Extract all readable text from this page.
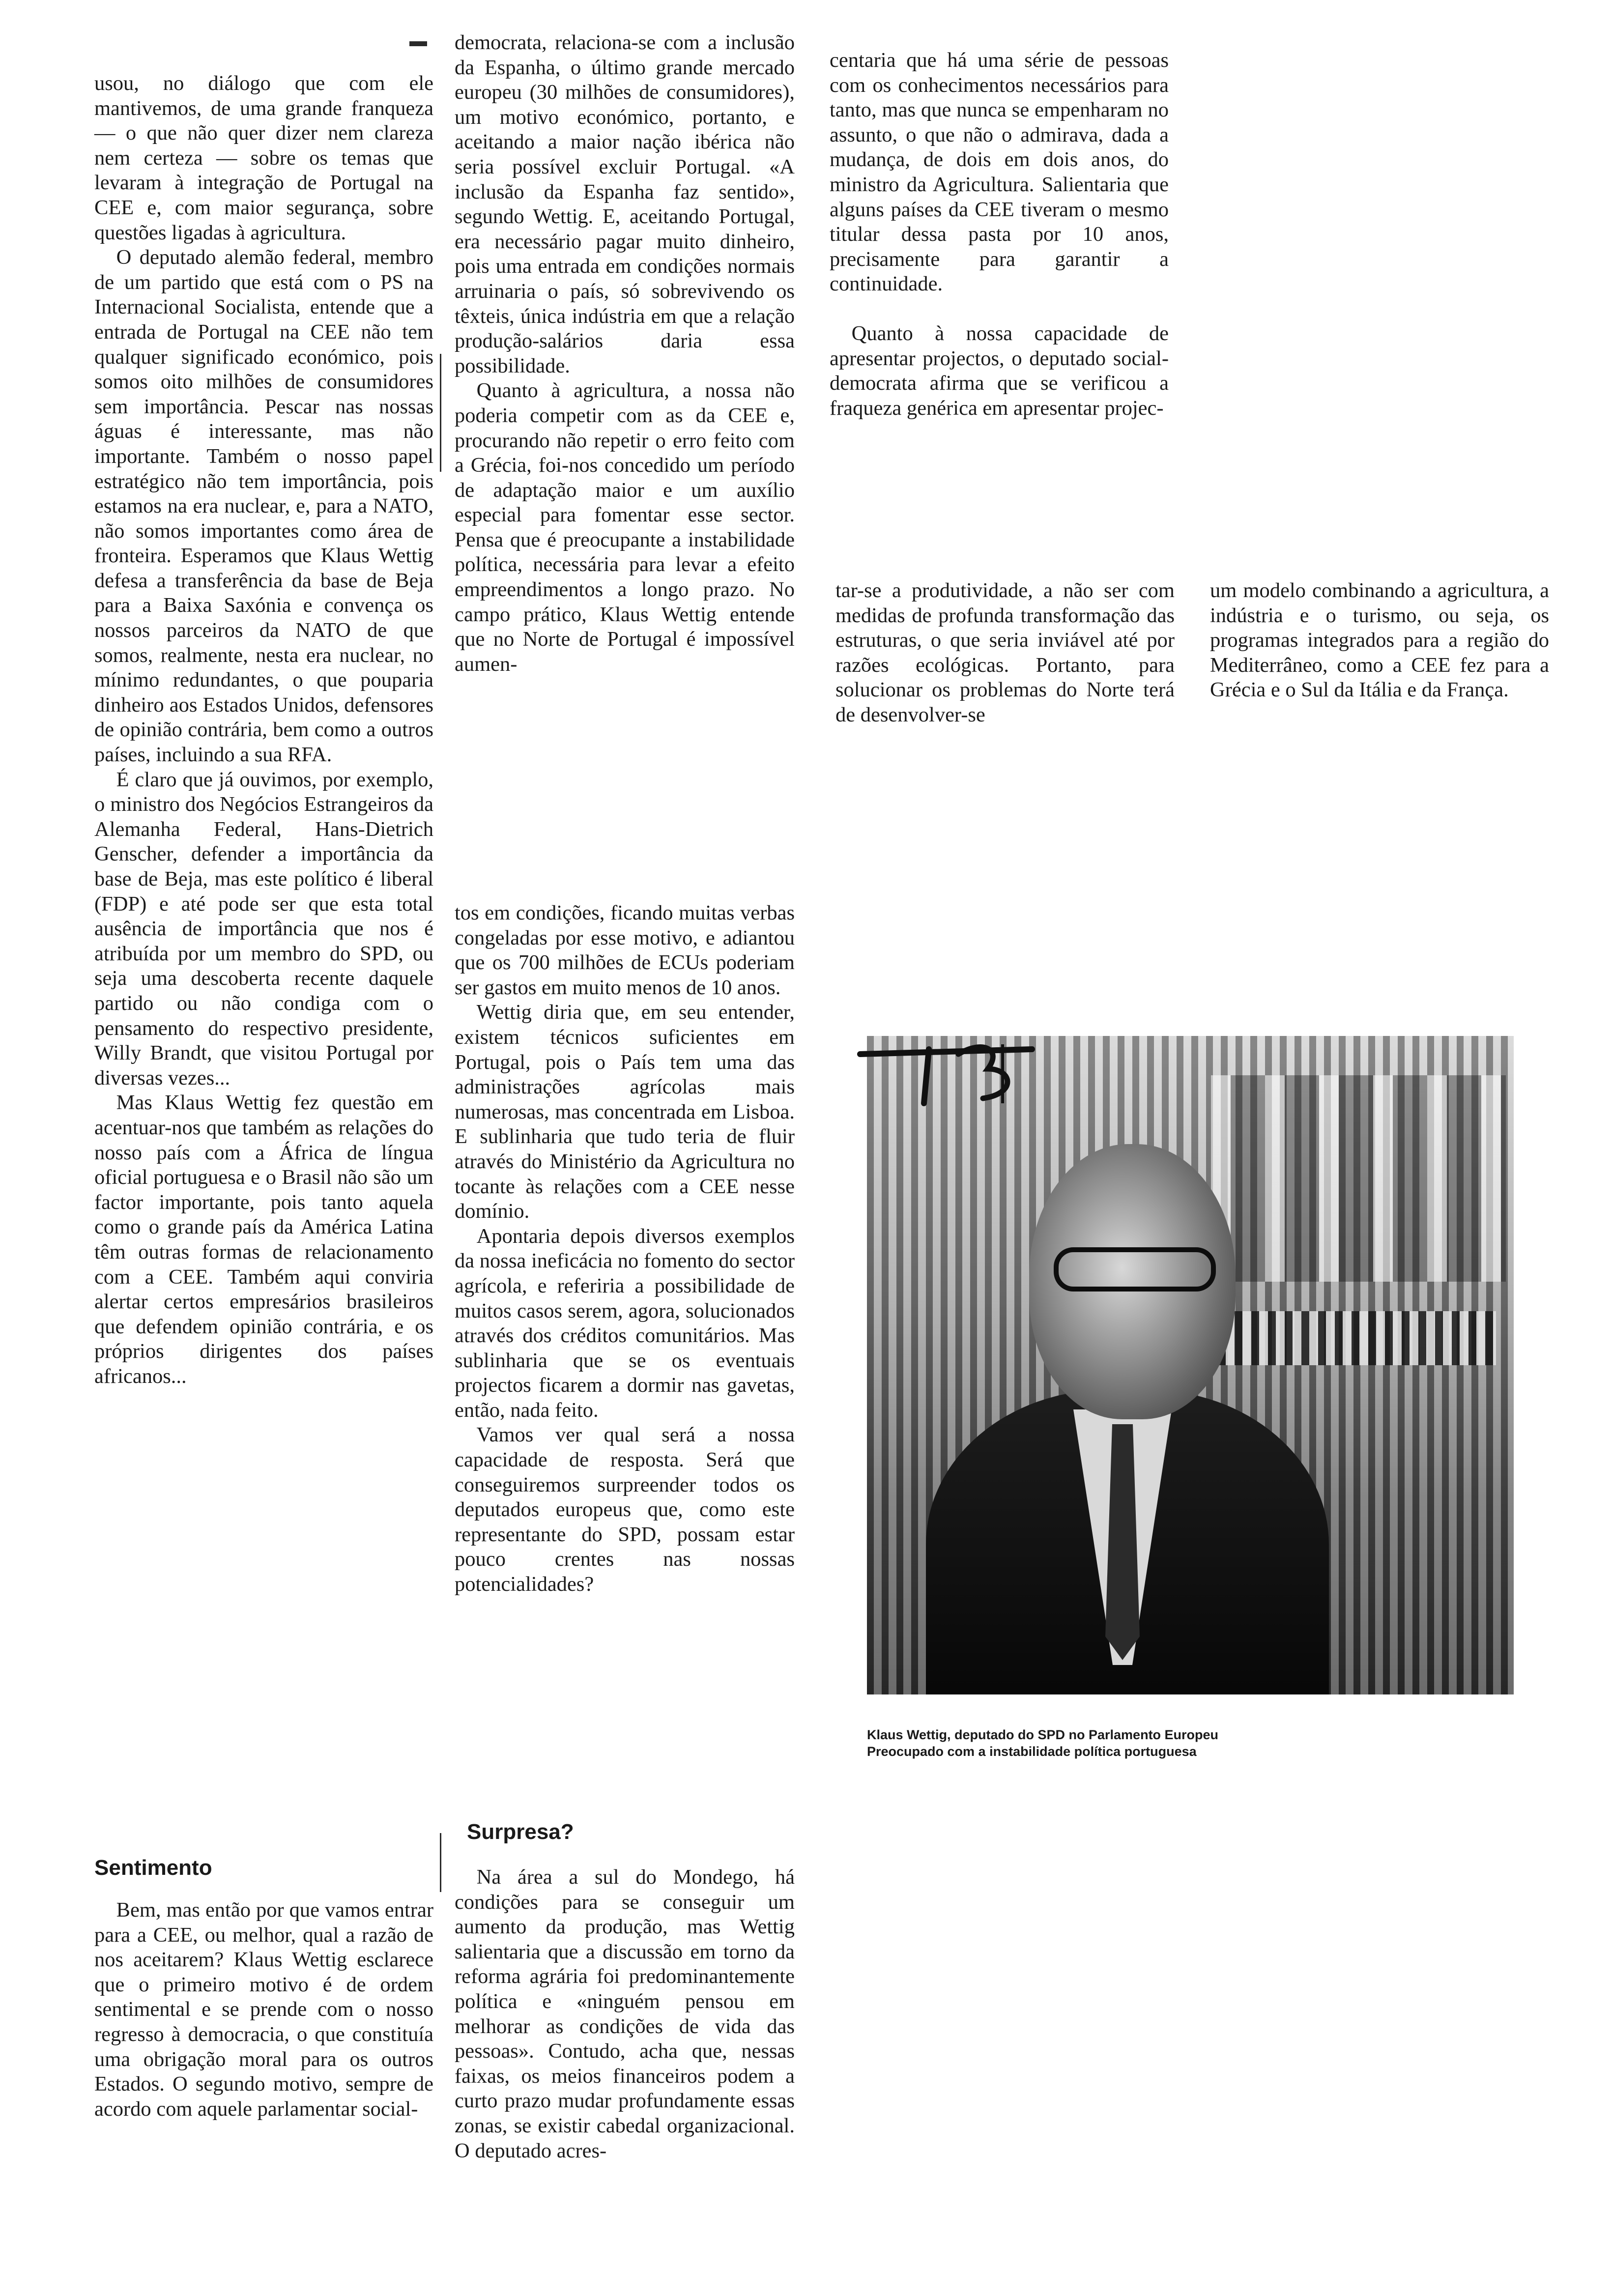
usou, no diálogo que com ele mantivemos, de uma grande franqueza — o que não quer dizer nem clareza nem certeza — sobre os temas que levaram à integração de Portugal na CEE e, com maior segurança, sobre questões ligadas à agricultura.

O deputado alemão federal, membro de um partido que está com o PS na Internacional Socialista, entende que a entrada de Portugal na CEE não tem qualquer significado económico, pois somos oito milhões de consumidores sem importância. Pescar nas nossas águas é interessante, mas não importante. Também o nosso papel estratégico não tem importância, pois estamos na era nuclear, e, para a NATO, não somos importantes como área de fronteira. Esperamos que Klaus Wettig defesa a transferência da base de Beja para a Baixa Saxónia e convença os nossos parceiros da NATO de que somos, realmente, nesta era nuclear, no mínimo redundantes, o que pouparia dinheiro aos Estados Unidos, defensores de opinião contrária, bem como a outros países, incluindo a sua RFA.

É claro que já ouvimos, por exemplo, o ministro dos Negócios Estrangeiros da Alemanha Federal, Hans-Dietrich Genscher, defender a importância da base de Beja, mas este político é liberal (FDP) e até pode ser que esta total ausência de importância que nos é atribuída por um membro do SPD, ou seja uma descoberta recente daquele partido ou não condiga com o pensamento do respectivo presidente, Willy Brandt, que visitou Portugal por diversas vezes...

Mas Klaus Wettig fez questão em acentuar-nos que também as relações do nosso país com a África de língua oficial portuguesa e o Brasil não são um factor importante, pois tanto aquela como o grande país da América Latina têm outras formas de relacionamento com a CEE. Também aqui conviria alertar certos empresários brasileiros que defendem opinião contrária, e os próprios dirigentes dos países africanos...

Sentimento

Bem, mas então por que vamos entrar para a CEE, ou melhor, qual a razão de nos aceitarem? Klaus Wettig esclarece que o primeiro motivo é de ordem sentimental e se prende com o nosso regresso à democracia, o que constituía uma obrigação moral para os outros Estados. O segundo motivo, sempre de acordo com aquele parlamentar social-

democrata, relaciona-se com a inclusão da Espanha, o último grande mercado europeu (30 milhões de consumidores), um motivo económico, portanto, e aceitando a maior nação ibérica não seria possível excluir Portugal. «A inclusão da Espanha faz sentido», segundo Wettig. E, aceitando Portugal, era necessário pagar muito dinheiro, pois uma entrada em condições normais arruinaria o país, só sobrevivendo os têxteis, única indústria em que a relação produção-salários daria essa possibilidade.

Quanto à agricultura, a nossa não poderia competir com as da CEE e, procurando não repetir o erro feito com a Grécia, foi-nos concedido um período de adaptação maior e um auxílio especial para fomentar esse sector. Pensa que é preocupante a instabilidade política, necessária para levar a efeito empreendimentos a longo prazo. No campo prático, Klaus Wettig entende que no Norte de Portugal é impossível aumen-

tos em condições, ficando muitas verbas congeladas por esse motivo, e adiantou que os 700 milhões de ECUs poderiam ser gastos em muito menos de 10 anos.

Wettig diria que, em seu entender, existem técnicos suficientes em Portugal, pois o País tem uma das administrações agrícolas mais numerosas, mas concentrada em Lisboa. E sublinharia que tudo teria de fluir através do Ministério da Agricultura no tocante às relações com a CEE nesse domínio.

Apontaria depois diversos exemplos da nossa ineficácia no fomento do sector agrícola, e referiria a possibilidade de muitos casos serem, agora, solucionados através dos créditos comunitários. Mas sublinharia que se os eventuais projectos ficarem a dormir nas gavetas, então, nada feito.

Vamos ver qual será a nossa capacidade de resposta. Será que conseguiremos surpreender todos os deputados europeus que, como este representante do SPD, possam estar pouco crentes nas nossas potencialidades?

Surpresa?

Na área a sul do Mondego, há condições para se conseguir um aumento da produção, mas Wettig salientaria que a discussão em torno da reforma agrária foi predominantemente política e «ninguém pensou em melhorar as condições de vida das pessoas». Contudo, acha que, nessas faixas, os meios financeiros podem a curto prazo mudar profundamente essas zonas, se existir cabedal organizacional. O deputado acres-

centaria que há uma série de pessoas com os conhecimentos necessários para tanto, mas que nunca se empenharam no assunto, o que não o admirava, dada a mudança, de dois em dois anos, do ministro da Agricultura. Salientaria que alguns países da CEE tiveram o mesmo titular dessa pasta por 10 anos, precisamente para garantir a continuidade.

Quanto à nossa capacidade de apresentar projectos, o deputado social-democrata afirma que se verificou a fraqueza genérica em apresentar projec-

tar-se a produtividade, a não ser com medidas de profunda transformação das estruturas, o que seria inviável até por razões ecológicas. Portanto, para solucionar os problemas do Norte terá de desenvolver-se

um modelo combinando a agricultura, a indústria e o turismo, ou seja, os programas integrados para a região do Mediterrâneo, como a CEE fez para a Grécia e o Sul da Itália e da França.

Klaus Wettig, deputado do SPD no Parlamento Europeu
Preocupado com a instabilidade política portuguesa
